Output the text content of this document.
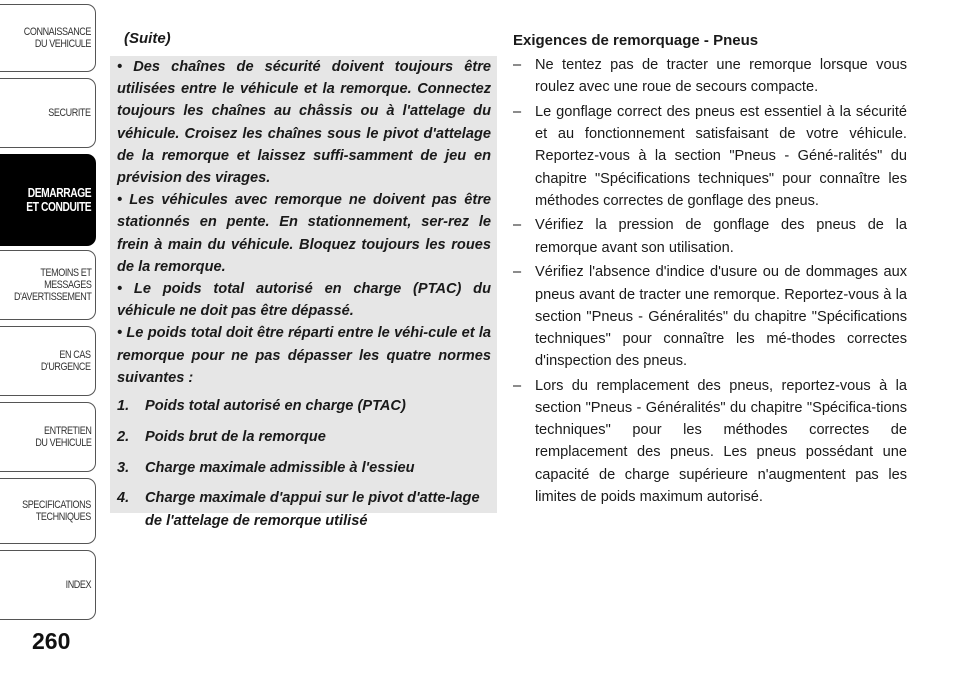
CONNAISSANCE
DU VEHICULE
SECURITE
DEMARRAGE
ET CONDUITE
TEMOINS ET
MESSAGES
D'AVERTISSEMENT
EN CAS
D'URGENCE
ENTRETIEN
DU VEHICULE
SPECIFICATIONS
TECHNIQUES
INDEX
260
(Suite)

• Des chaînes de sécurité doivent toujours être utilisées entre le véhicule et la remorque. Connectez toujours les chaînes au châssis ou à l'attelage du véhicule. Croisez les chaînes sous le pivot d'attelage de la remorque et laissez suffi-samment de jeu en prévision des virages.

• Les véhicules avec remorque ne doivent pas être stationnés en pente. En stationnement, ser-rez le frein à main du véhicule. Bloquez toujours les roues de la remorque.

• Le poids total autorisé en charge (PTAC) du véhicule ne doit pas être dépassé.

• Le poids total doit être réparti entre le véhi-cule et la remorque pour ne pas dépasser les quatre normes suivantes :

1. Poids total autorisé en charge (PTAC)
2. Poids brut de la remorque
3. Charge maximale admissible à l'essieu
4. Charge maximale d'appui sur le pivot d'atte-lage de l'attelage de remorque utilisé
Exigences de remorquage - Pneus
– Ne tentez pas de tracter une remorque lorsque vous roulez avec une roue de secours compacte.
– Le gonflage correct des pneus est essentiel à la sécurité et au fonctionnement satisfaisant de votre véhicule. Reportez-vous à la section "Pneus - Géné-ralités" du chapitre "Spécifications techniques" pour connaître les méthodes correctes de gonflage des pneus.
– Vérifiez la pression de gonflage des pneus de la remorque avant son utilisation.
– Vérifiez l'absence d'indice d'usure ou de dommages aux pneus avant de tracter une remorque. Reportez-vous à la section "Pneus - Généralités" du chapitre "Spécifications techniques" pour connaître les mé-thodes correctes d'inspection des pneus.
– Lors du remplacement des pneus, reportez-vous à la section "Pneus - Généralités" du chapitre "Spécifica-tions techniques" pour les méthodes correctes de remplacement des pneus. Les pneus possédant une capacité de charge supérieure n'augmentent pas les limites de poids maximum autorisé.
